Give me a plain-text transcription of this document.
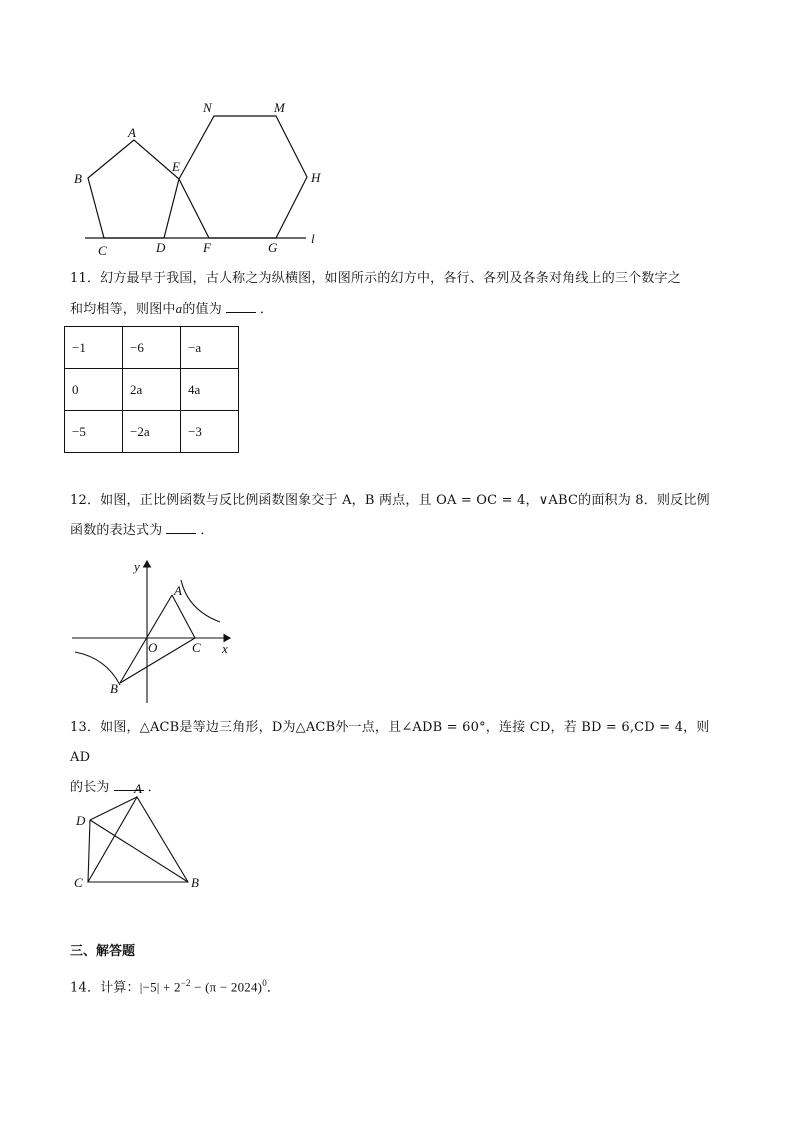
A
B
C	D
E
F	G
H
M
N
l
11．幻方最早于我国，古人称之为纵横图，如图所示的幻方中，各行、各列及各条对角线上的三个数字之
和均相等，则图中a的值为	．
−1	−6	−a
0	2a	4a
−5	−2a	−3
12．如图，正比例函数与反比例函数图象交于 A，B 两点，且 OA = OC = 4，∨ABC的面积为 8．则反比例
函数的表达式为	．
y
x
O
A
B
C
13．如图，△ACB是等边三角形，D为△ACB外一点，且∠ADB = 60°，连接 CD，若 BD = 6,CD = 4，则 AD
的长为	．
A
D
C	B
三、解答题
14．计算：$|-5| + 2^{-2} - (\pi - 2024)^0$．
